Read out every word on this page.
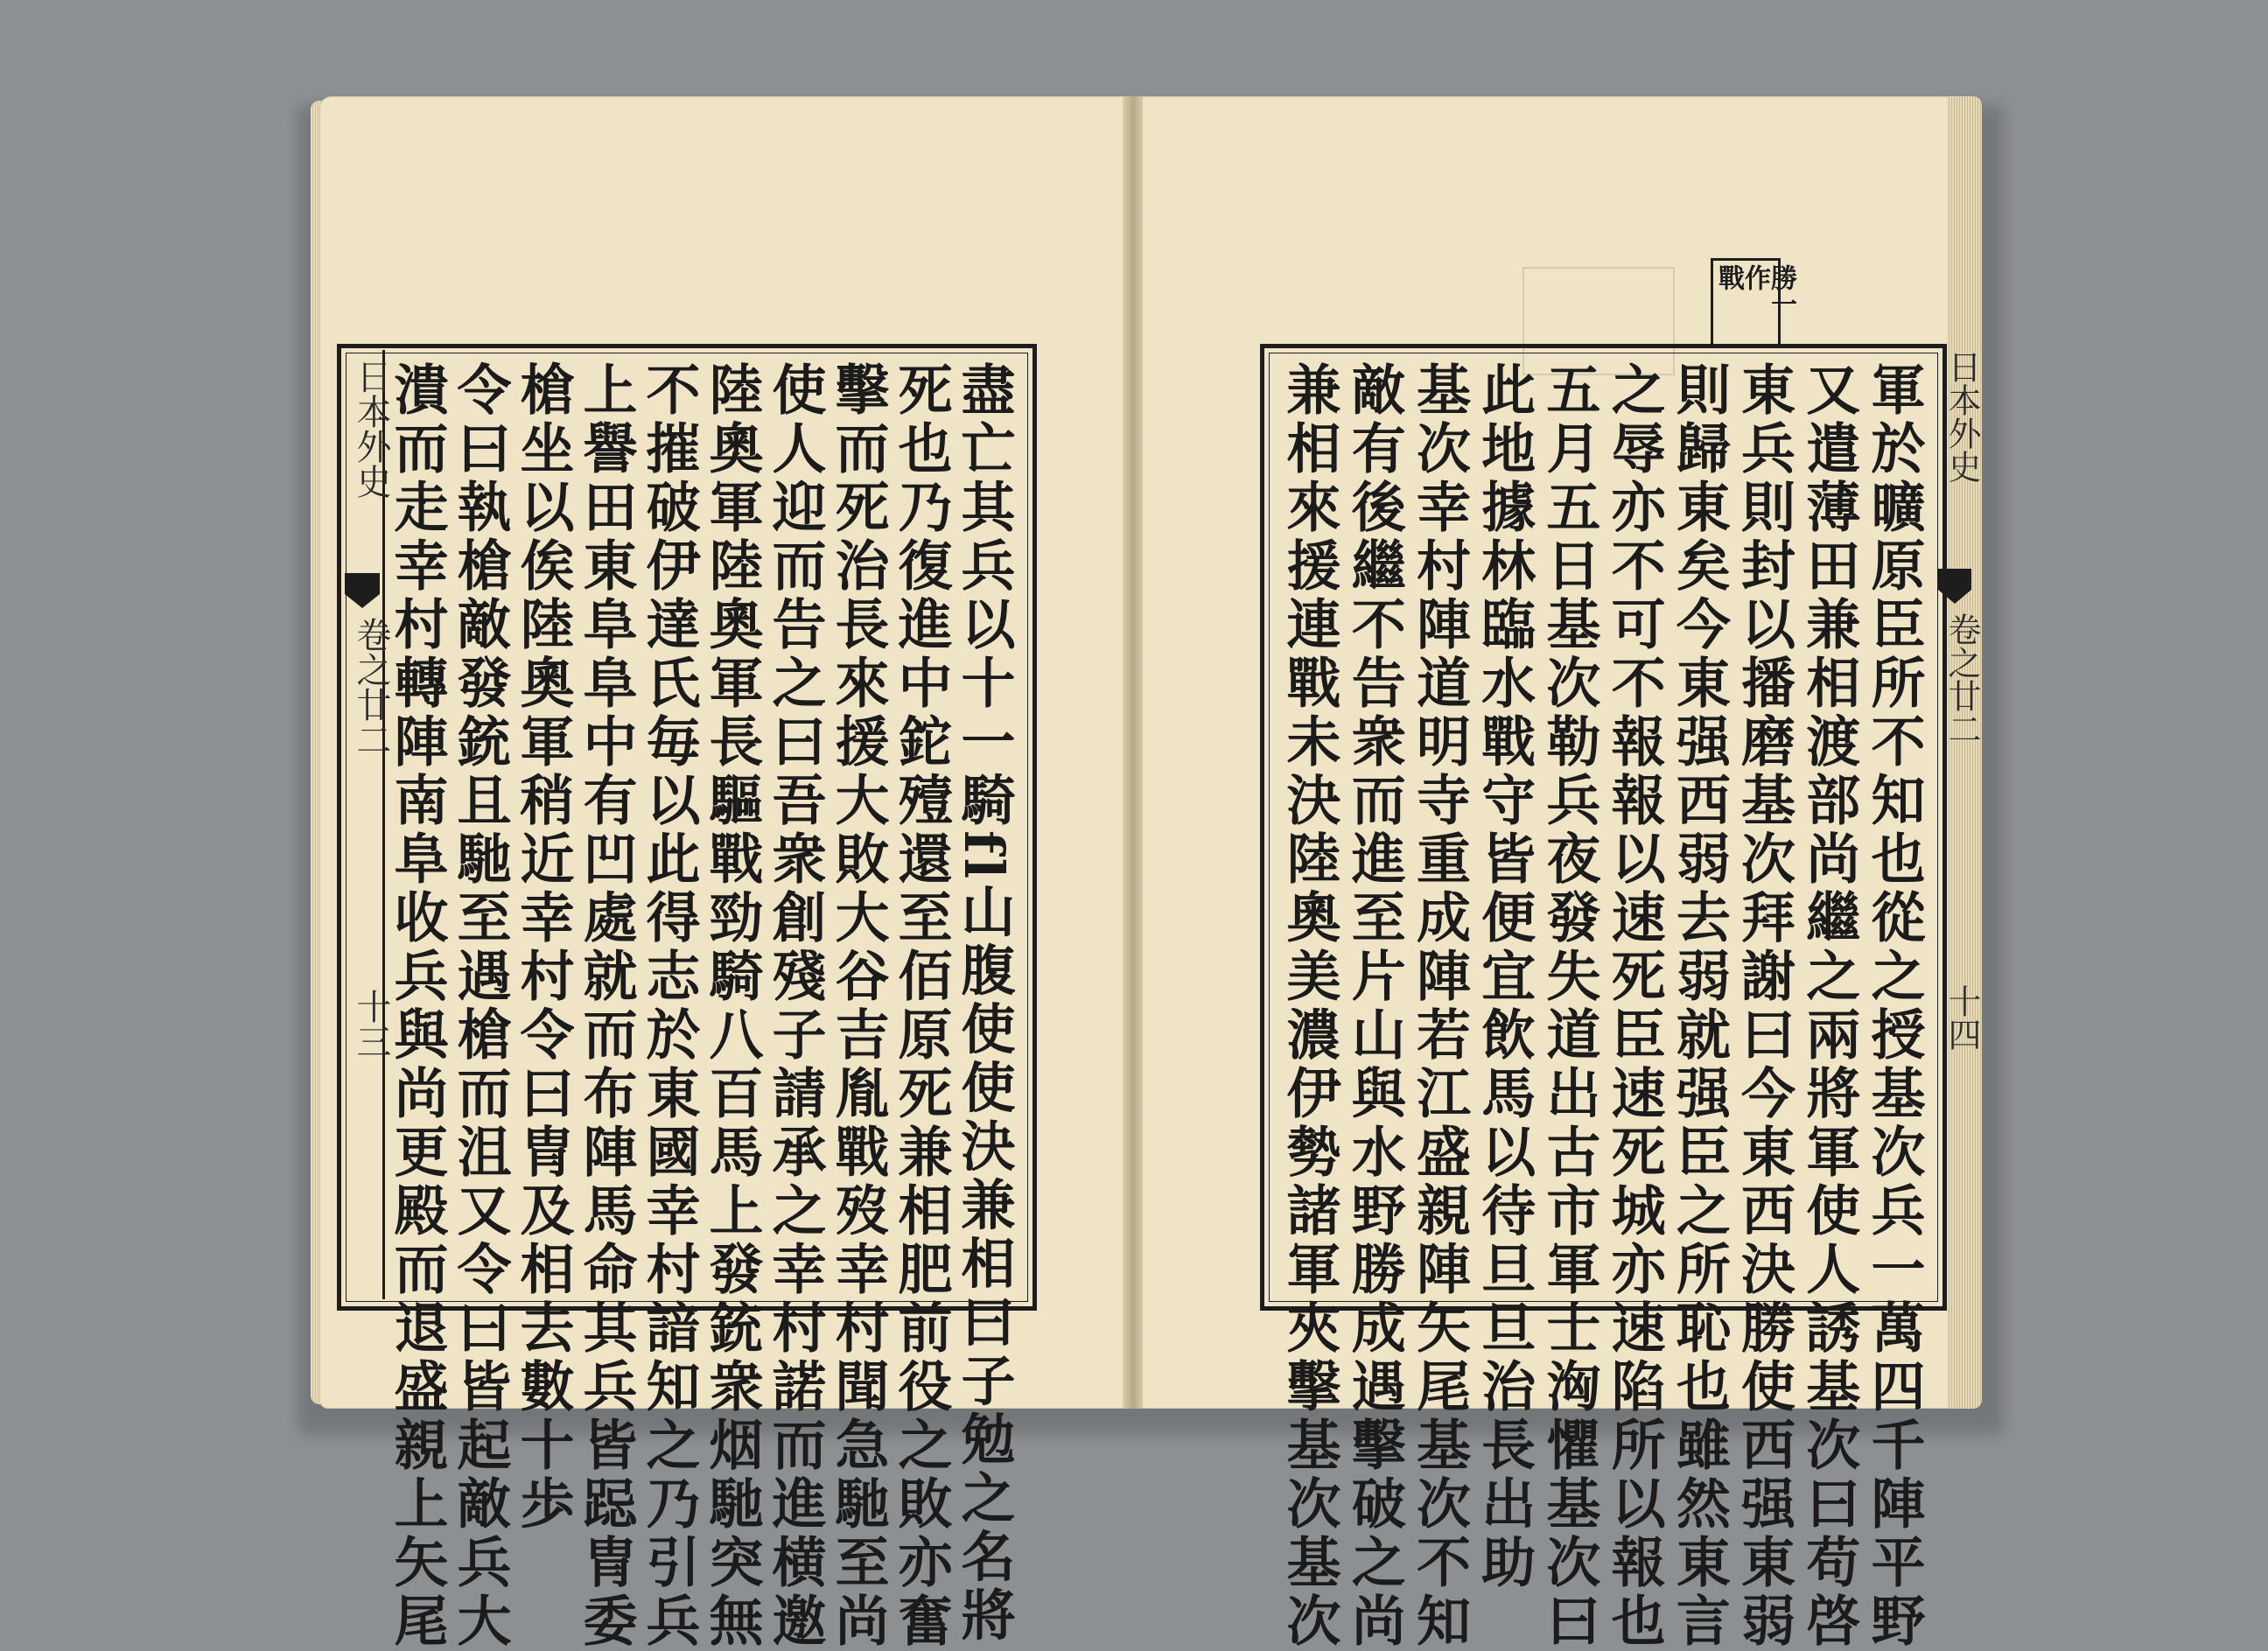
盡亡其兵以十一騎fl山腹使使決兼相曰子勉之名將
死也乃復進中鉈殪還至佰原死兼相肥前役之敗亦奮
擊而死治長來援大敗大谷吉胤戰歿幸村聞急馳至尚
使人迎而告之曰吾衆創殘子請承之幸村諾而進横邀
陸奧軍陸奧軍長驅戰勁騎八百馬上發銃衆烟馳突無
不摧破伊達氏毎以此得志於東國幸村諳知之乃引兵
上譽田東阜阜中有凹處就而布陣馬命其兵皆跽冑委
槍坐以俟陸奧軍稍近幸村令曰冑及相去數十歩
令曰執槍敵發銃且馳至遇槍而沮又令曰皆起敵兵大
潰而走幸村轉陣南阜收兵與尚更殿而退盛親上矢尾
日本外史
卷之廿二
十三
勝一作
戰
軍於曠原臣所不知也從之授基次兵一萬四千陣平野
又遣薄田兼相渡部尚繼之兩將軍使人誘基次曰苟啓
東兵則封以播磨基次拜謝曰今東西決勝使西强東弱
則歸東矣今東强西弱去弱就强臣之所恥也雖然東言
之辱亦不可不報報以速死臣速死城亦速陷所以報也
五月五日基次勒兵夜發失道出古市軍士洶懼基次曰
此地據林臨水戰守皆便宜飲馬以待旦旦治長出助
基次幸村陣道明寺重成陣若江盛親陣矢尾基次不知
敵有後繼不告衆而進至片山與水野勝成遇擊破之尚
兼相來援連戰未決陸奧美濃伊勢諸軍夾擊基次基次	日本外史
卷之廿二
十四
